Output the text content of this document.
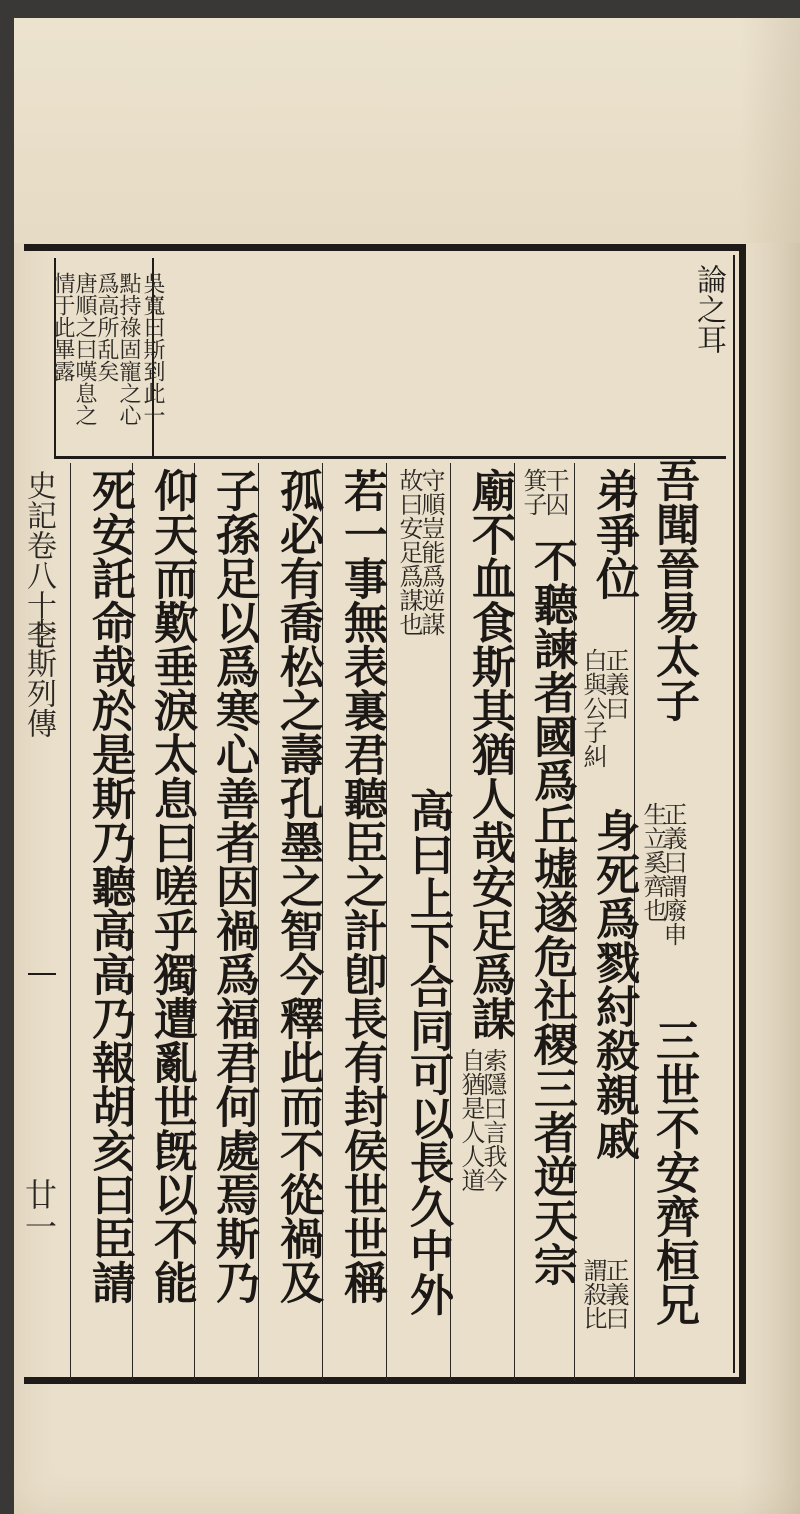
論之耳
吳寬曰斯到此一
點持祿固寵之心
爲高所乱矣
唐順之曰嘆息之
情于此畢露
吾聞晉易太子
正義曰謂廢申
生立奚齊也
三世不安齊桓兄
弟爭位
正義曰
白與公子糾
身死爲戮紂殺親戚
正義曰
謂殺比
干囚
箕子
不聽諫者國爲丘墟遂危社稷三者逆天宗
廟不血食斯其猶人哉安足爲謀
索隱曰言我今
自猶是人人道
守順豈能爲逆謀
故曰安足爲謀也
高曰上下合同可以長久中外
若一事無表裏君聽臣之計卽長有封侯世世稱
孤必有喬松之壽孔墨之智今釋此而不從禍及
子孫足以爲寒心善者因禍爲福君何處焉斯乃
仰天而歎垂淚太息曰嗟乎獨遭亂世旣以不能
死安託命哉於是斯乃聽高高乃報胡亥曰臣請
史記卷八十七
李斯列傳
廿一
